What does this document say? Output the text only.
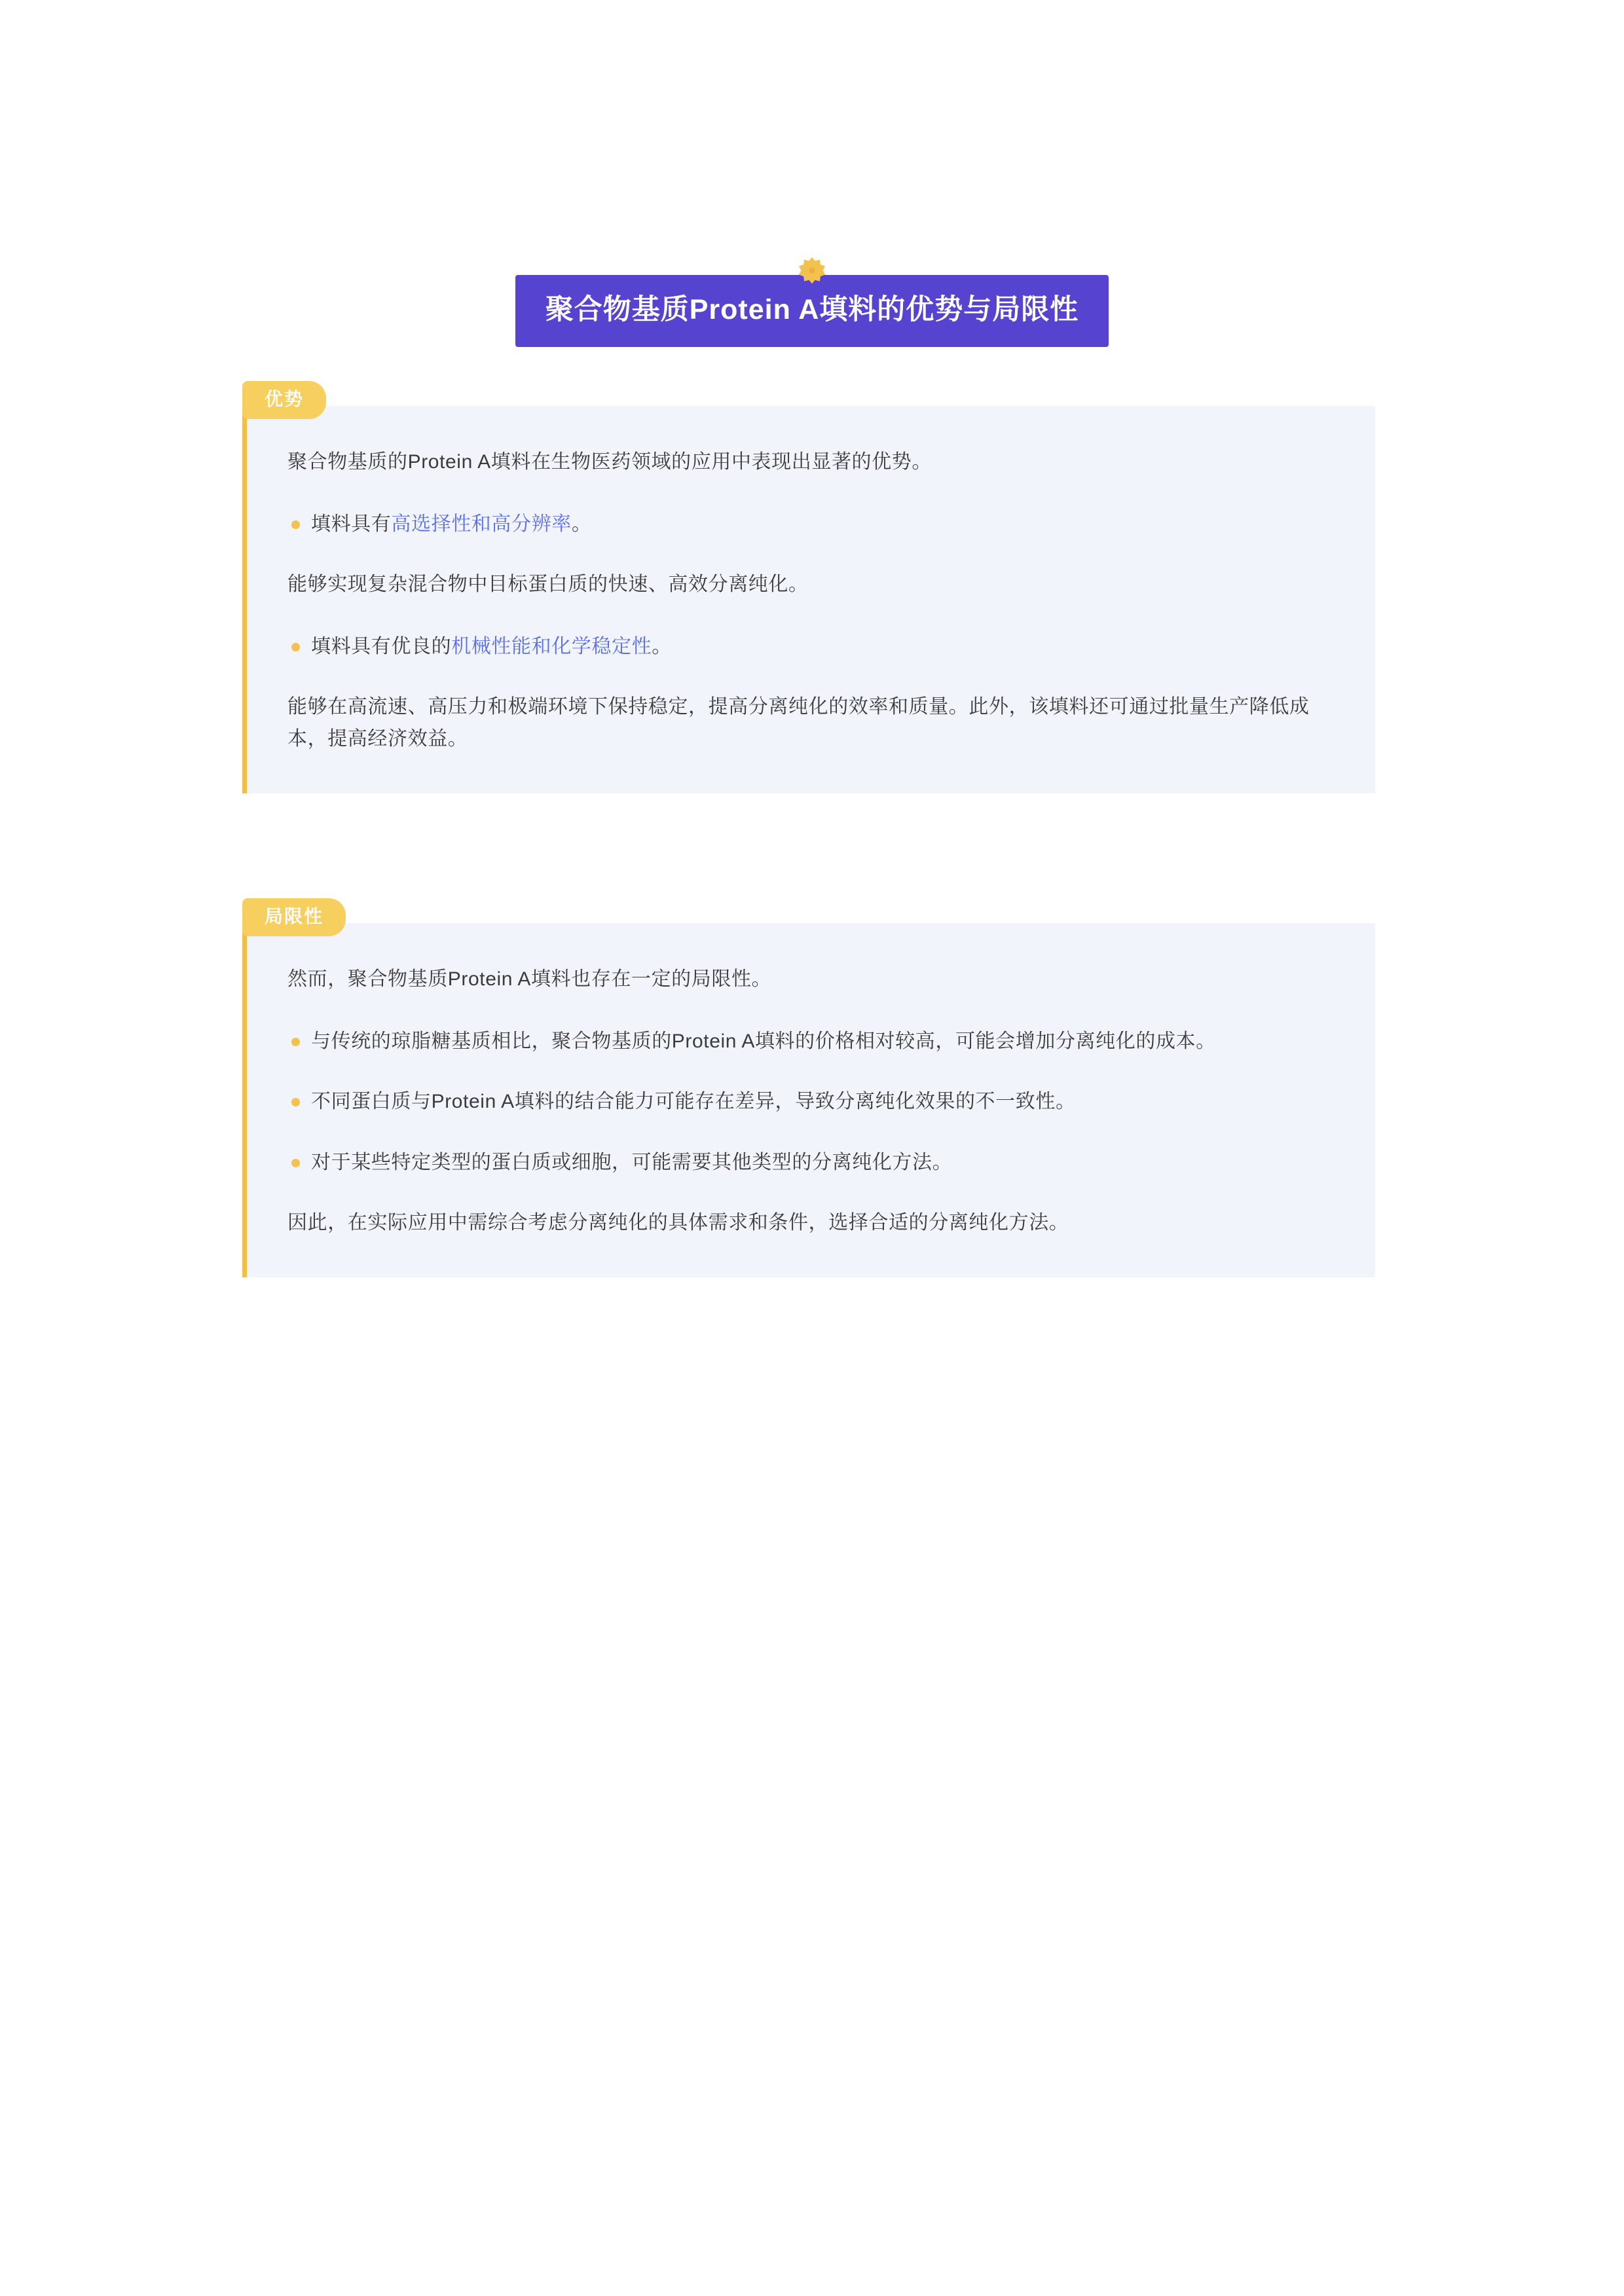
聚合物基质Protein A填料的优势与局限性
优势

聚合物基质的Protein A填料在生物医药领域的应用中表现出显著的优势。

填料具有高选择性和高分辨率。

能够实现复杂混合物中目标蛋白质的快速、高效分离纯化。

填料具有优良的机械性能和化学稳定性。

能够在高流速、高压力和极端环境下保持稳定，提高分离纯化的效率和质量。此外，该填料还可通过批量生产降低成本，提高经济效益。

局限性

然而，聚合物基质Protein A填料也存在一定的局限性。

与传统的琼脂糖基质相比，聚合物基质的Protein A填料的价格相对较高，可能会增加分离纯化的成本。
不同蛋白质与Protein A填料的结合能力可能存在差异，导致分离纯化效果的不一致性。
对于某些特定类型的蛋白质或细胞，可能需要其他类型的分离纯化方法。

因此，在实际应用中需综合考虑分离纯化的具体需求和条件，选择合适的分离纯化方法。
